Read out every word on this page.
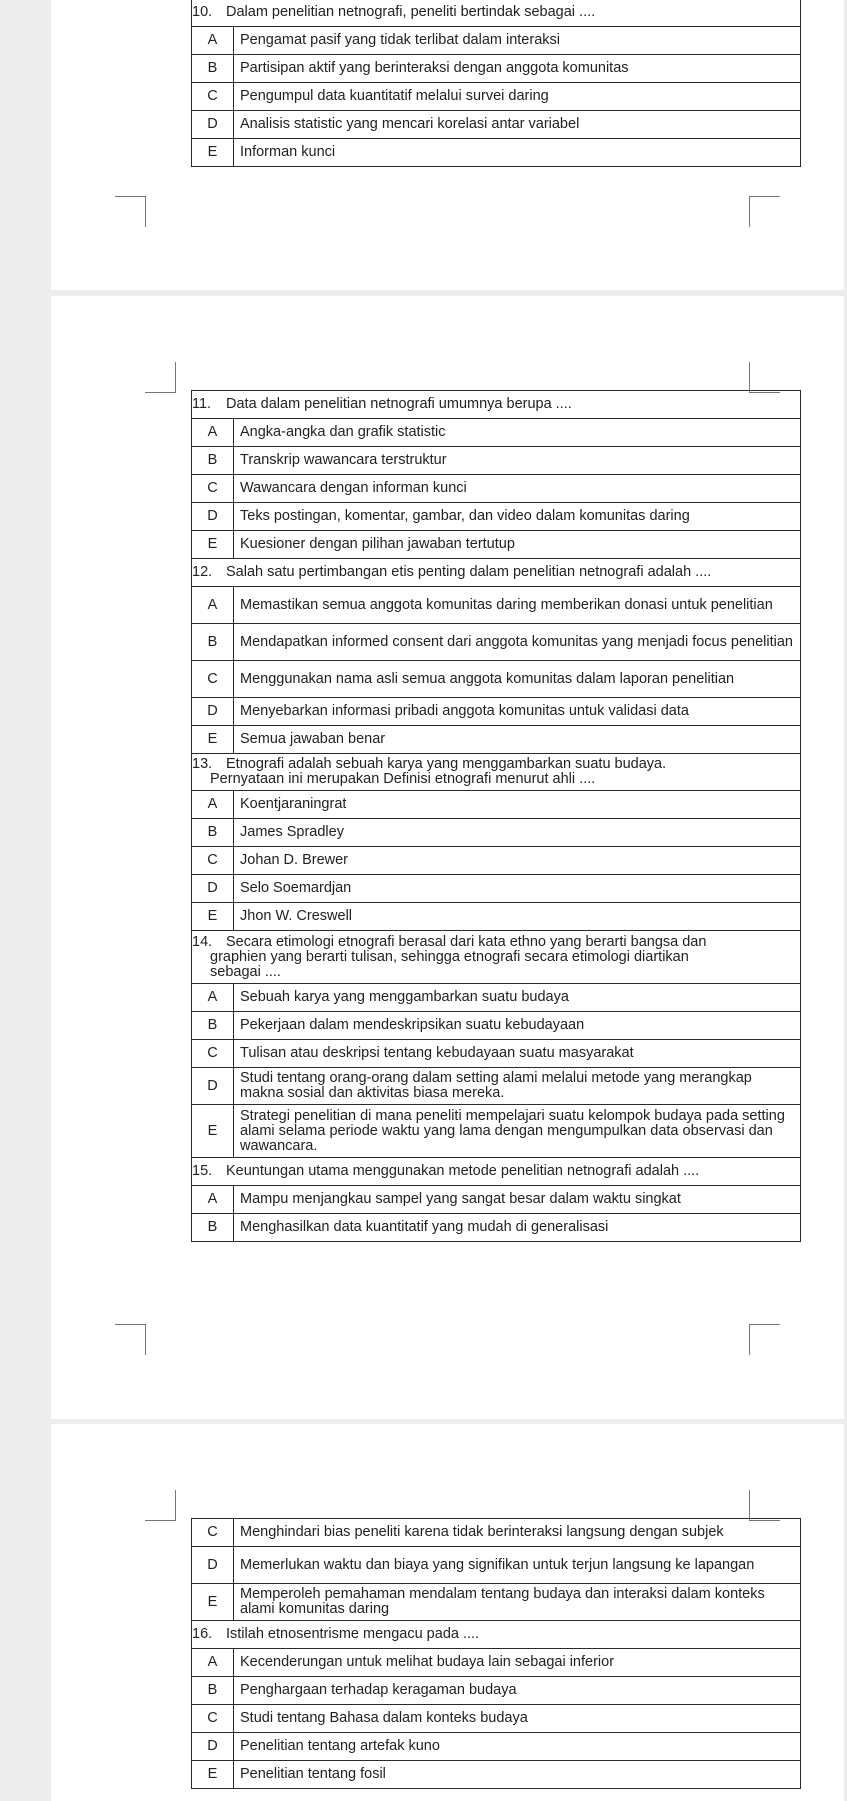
10. Dalam penelitian netnografi, peneliti bertindak sebagai ....	
A	Pengamat pasif yang tidak terlibat dalam interaksi
B	Partisipan aktif yang berinteraksi dengan anggota komunitas
C	Pengumpul data kuantitatif melalui survei daring
D	Analisis statistic yang mencari korelasi antar variabel
E	Informan kunci
11. Data dalam penelitian netnografi umumnya berupa ....	
A	Angka-angka dan grafik statistic
B	Transkrip wawancara terstruktur
C	Wawancara dengan informan kunci
D	Teks postingan, komentar, gambar, dan video dalam komunitas daring
E	Kuesioner dengan pilihan jawaban tertutup
12. Salah satu pertimbangan etis penting dalam penelitian netnografi adalah ....	
A	Memastikan semua anggota komunitas daring memberikan donasi untuk penelitian
B	Mendapatkan informed consent dari anggota komunitas yang menjadi focus penelitian
C	Menggunakan nama asli semua anggota komunitas dalam laporan penelitian
D	Menyebarkan informasi pribadi anggota komunitas untuk validasi data
E	Semua jawaban benar
13. Etnografi adalah sebuah karya yang menggambarkan suatu budaya.
Pernyataan ini merupakan Definisi etnografi menurut ahli ....	
A	Koentjaraningrat
B	James Spradley
C	Johan D. Brewer
D	Selo Soemardjan
E	Jhon W. Creswell
14. Secara etimologi etnografi berasal dari kata ethno yang berarti bangsa dan
graphien yang berarti tulisan, sehingga etnografi secara etimologi diartikan
sebagai ....	
A	Sebuah karya yang menggambarkan suatu budaya
B	Pekerjaan dalam mendeskripsikan suatu kebudayaan
C	Tulisan atau deskripsi tentang kebudayaan suatu masyarakat
D	Studi tentang orang-orang dalam setting alami melalui metode yang merangkap makna sosial dan aktivitas biasa mereka.
E	Strategi penelitian di mana peneliti mempelajari suatu kelompok budaya pada setting alami selama periode waktu yang lama dengan mengumpulkan data observasi dan wawancara.
15. Keuntungan utama menggunakan metode penelitian netnografi adalah ....	
A	Mampu menjangkau sampel yang sangat besar dalam waktu singkat
B	Menghasilkan data kuantitatif yang mudah di generalisasi
C	Menghindari bias peneliti karena tidak berinteraksi langsung dengan subjek
D	Memerlukan waktu dan biaya yang signifikan untuk terjun langsung ke lapangan
E	Memperoleh pemahaman mendalam tentang budaya dan interaksi dalam konteks alami komunitas daring
16. Istilah etnosentrisme mengacu pada ....	
A	Kecenderungan untuk melihat budaya lain sebagai inferior
B	Penghargaan terhadap keragaman budaya
C	Studi tentang Bahasa dalam konteks budaya
D	Penelitian tentang artefak kuno
E	Penelitian tentang fosil
